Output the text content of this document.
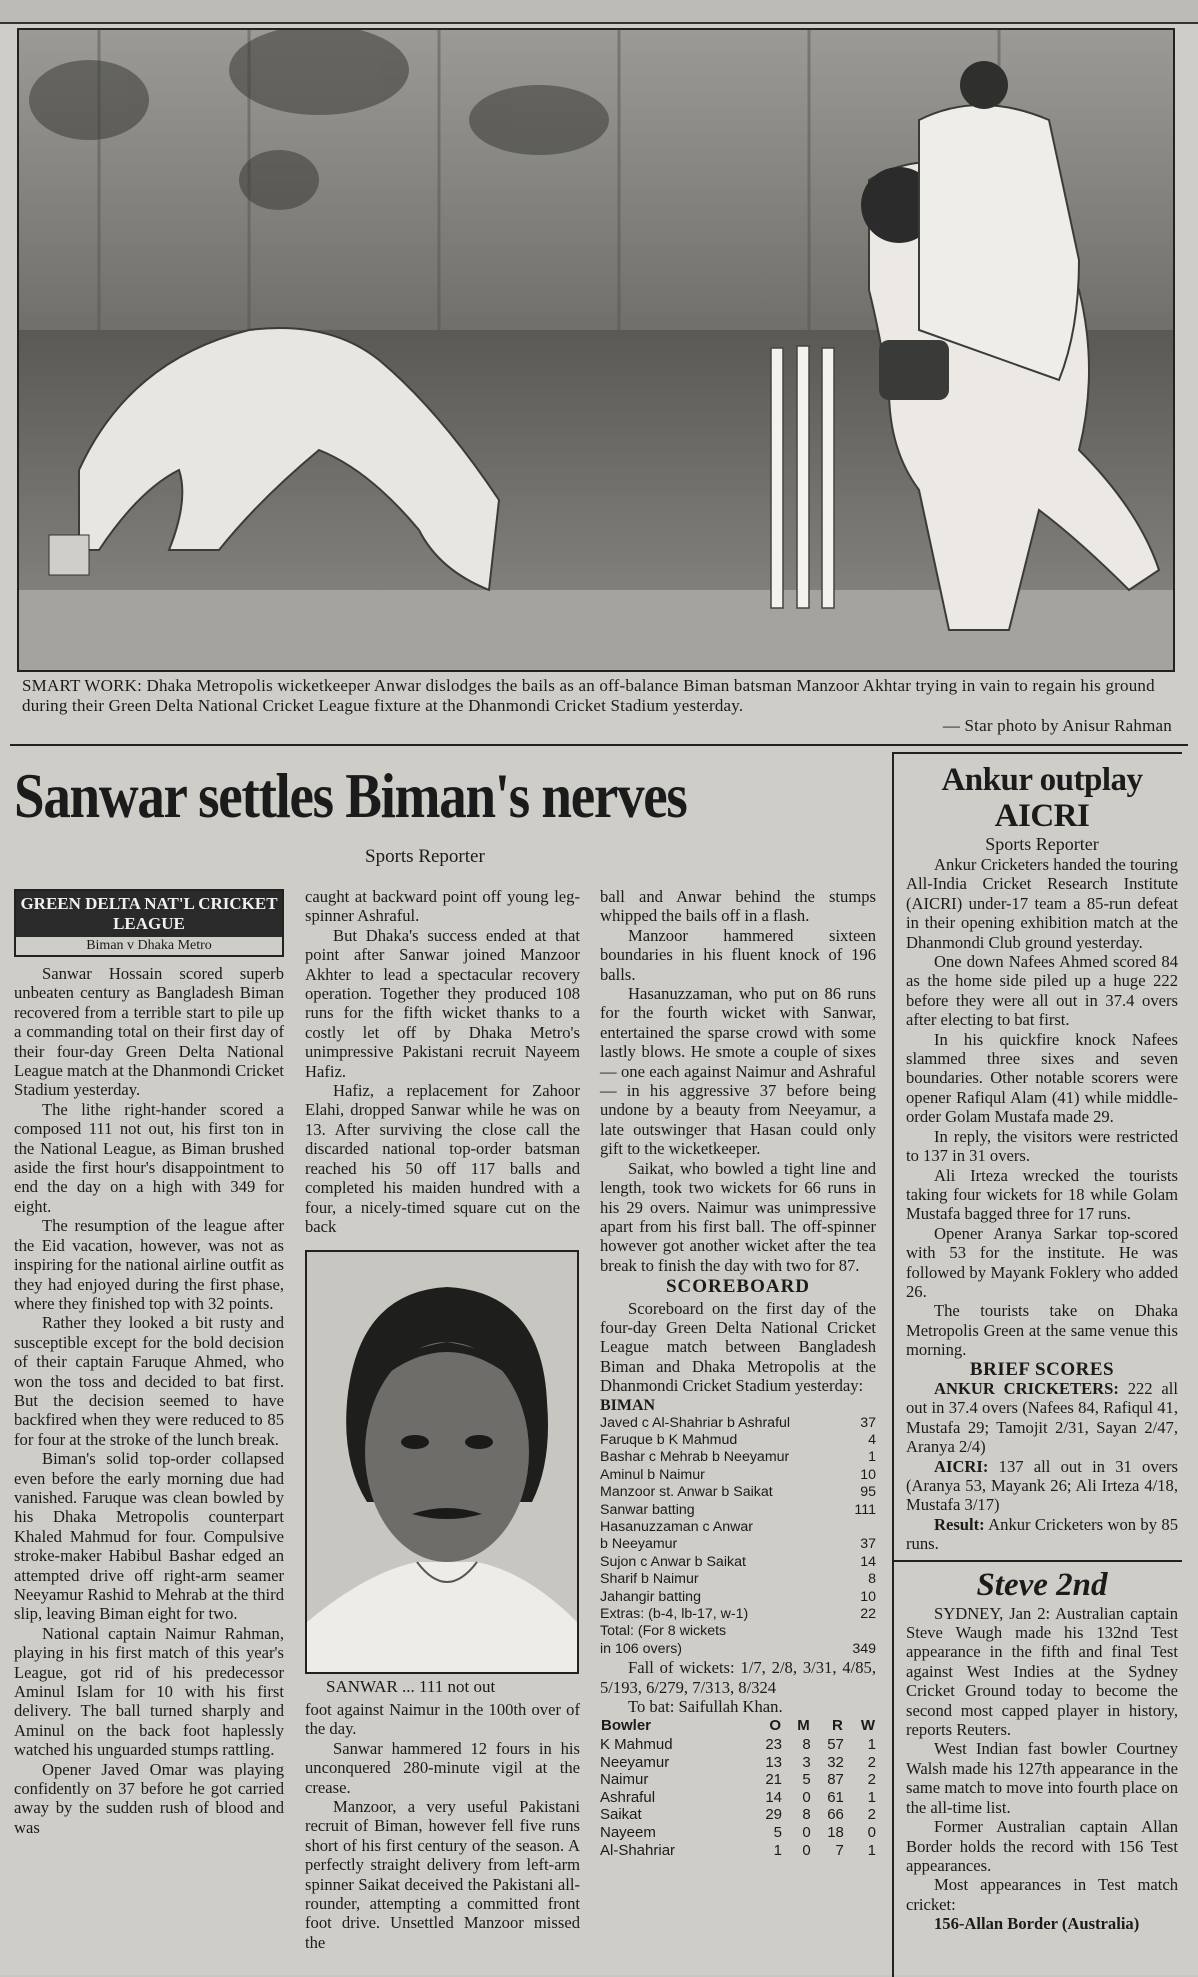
SMART WORK: Dhaka Metropolis wicketkeeper Anwar dislodges the bails as an off-balance Biman batsman Manzoor Akhtar trying in vain to regain his ground during their Green Delta National Cricket League fixture at the Dhanmondi Cricket Stadium yesterday.
— Star photo by Anisur Rahman
Sanwar settles Biman's nerves
Sports Reporter
GREEN DELTA NAT'L CRICKET LEAGUE
Biman v Dhaka Metro

Sanwar Hossain scored superb unbeaten century as Bangladesh Biman recovered from a terrible start to pile up a commanding total on their first day of their four-day Green Delta National League match at the Dhanmondi Cricket Stadium yesterday.

The lithe right-hander scored a composed 111 not out, his first ton in the National League, as Biman brushed aside the first hour's disappointment to end the day on a high with 349 for eight.

The resumption of the league after the Eid vacation, however, was not as inspiring for the national airline outfit as they had enjoyed during the first phase, where they finished top with 32 points.

Rather they looked a bit rusty and susceptible except for the bold decision of their captain Faruque Ahmed, who won the toss and decided to bat first. But the decision seemed to have backfired when they were reduced to 85 for four at the stroke of the lunch break.

Biman's solid top-order collapsed even before the early morning due had vanished. Faruque was clean bowled by his Dhaka Metropolis counterpart Khaled Mahmud for four. Compulsive stroke-maker Habibul Bashar edged an attempted drive off right-arm seamer Neeyamur Rashid to Mehrab at the third slip, leaving Biman eight for two.

National captain Naimur Rahman, playing in his first match of this year's League, got rid of his predecessor Aminul Islam for 10 with his first delivery. The ball turned sharply and Aminul on the back foot haplessly watched his unguarded stumps rattling.

Opener Javed Omar was playing confidently on 37 before he got carried away by the sudden rush of blood and was

caught at backward point off young leg-spinner Ashraful.

But Dhaka's success ended at that point after Sanwar joined Manzoor Akhter to lead a spectacular recovery operation. Together they produced 108 runs for the fifth wicket thanks to a costly let off by Dhaka Metro's unimpressive Pakistani recruit Nayeem Hafiz.

Hafiz, a replacement for Zahoor Elahi, dropped Sanwar while he was on 13. After surviving the close call the discarded national top-order batsman reached his 50 off 117 balls and completed his maiden hundred with a four, a nicely-timed square cut on the back

SANWAR ... 111 not out

foot against Naimur in the 100th over of the day.

Sanwar hammered 12 fours in his unconquered 280-minute vigil at the crease.

Manzoor, a very useful Pakistani recruit of Biman, however fell five runs short of his first century of the season. A perfectly straight delivery from left-arm spinner Saikat deceived the Pakistani all-rounder, attempting a committed front foot drive. Unsettled Manzoor missed the

ball and Anwar behind the stumps whipped the bails off in a flash.

Manzoor hammered sixteen boundaries in his fluent knock of 196 balls.

Hasanuzzaman, who put on 86 runs for the fourth wicket with Sanwar, entertained the sparse crowd with some lastly blows. He smote a couple of sixes — one each against Naimur and Ashraful — in his aggressive 37 before being undone by a beauty from Neeyamur, a late outswinger that Hasan could only gift to the wicketkeeper.

Saikat, who bowled a tight line and length, took two wickets for 66 runs in his 29 overs. Naimur was unimpressive apart from his first ball. The off-spinner however got another wicket after the tea break to finish the day with two for 87.

SCOREBOARD

Scoreboard on the first day of the four-day Green Delta National Cricket League match between Bangladesh Biman and Dhaka Metropolis at the Dhanmondi Cricket Stadium yesterday:

BIMAN
Javed c Al-Shahriar b Ashraful	37
Faruque b K Mahmud	4
Bashar c Mehrab b Neeyamur	1
Aminul b Naimur	10
Manzoor st. Anwar b Saikat	95
Sanwar batting	111
Hasanuzzaman c Anwar
b Neeyamur	37
Sujon c Anwar b Saikat	14
Sharif b Naimur	8
Jahangir batting	10
Extras: (b-4, lb-17, w-1)	22
Total: (For 8 wickets
in 106 overs)	349

Fall of wickets: 1/7, 2/8, 3/31, 4/85, 5/193, 6/279, 7/313, 8/324

To bat: Saifullah Khan.

Bowler	O	M	R	W
K Mahmud	23	8	57	1
Neeyamur	13	3	32	2
Naimur	21	5	87	2
Ashraful	14	0	61	1
Saikat	29	8	66	2
Nayeem	5	0	18	0
Al-Shahriar	1	0	7	1
Ankur outplay AICRI
Sports Reporter

Ankur Cricketers handed the touring All-India Cricket Research Institute (AICRI) under-17 team a 85-run defeat in their opening exhibition match at the Dhanmondi Club ground yesterday.

One down Nafees Ahmed scored 84 as the home side piled up a huge 222 before they were all out in 37.4 overs after electing to bat first.

In his quickfire knock Nafees slammed three sixes and seven boundaries. Other notable scorers were opener Rafiqul Alam (41) while middle-order Golam Mustafa made 29.

In reply, the visitors were restricted to 137 in 31 overs.

Ali Irteza wrecked the tourists taking four wickets for 18 while Golam Mustafa bagged three for 17 runs.

Opener Aranya Sarkar top-scored with 53 for the institute. He was followed by Mayank Foklery who added 26.

The tourists take on Dhaka Metropolis Green at the same venue this morning.

BRIEF SCORES

ANKUR CRICKETERS: 222 all out in 37.4 overs (Nafees 84, Rafiqul 41, Mustafa 29; Tamojit 2/31, Sayan 2/47, Aranya 2/4)

AICRI: 137 all out in 31 overs (Aranya 53, Mayank 26; Ali Irteza 4/18, Mustafa 3/17)

Result: Ankur Cricketers won by 85 runs.

Steve 2nd

SYDNEY, Jan 2: Australian captain Steve Waugh made his 132nd Test appearance in the fifth and final Test against West Indies at the Sydney Cricket Ground today to become the second most capped player in history, reports Reuters.

West Indian fast bowler Courtney Walsh made his 127th appearance in the same match to move into fourth place on the all-time list.

Former Australian captain Allan Border holds the record with 156 Test appearances.

Most appearances in Test match cricket:

156-Allan Border (Australia)
